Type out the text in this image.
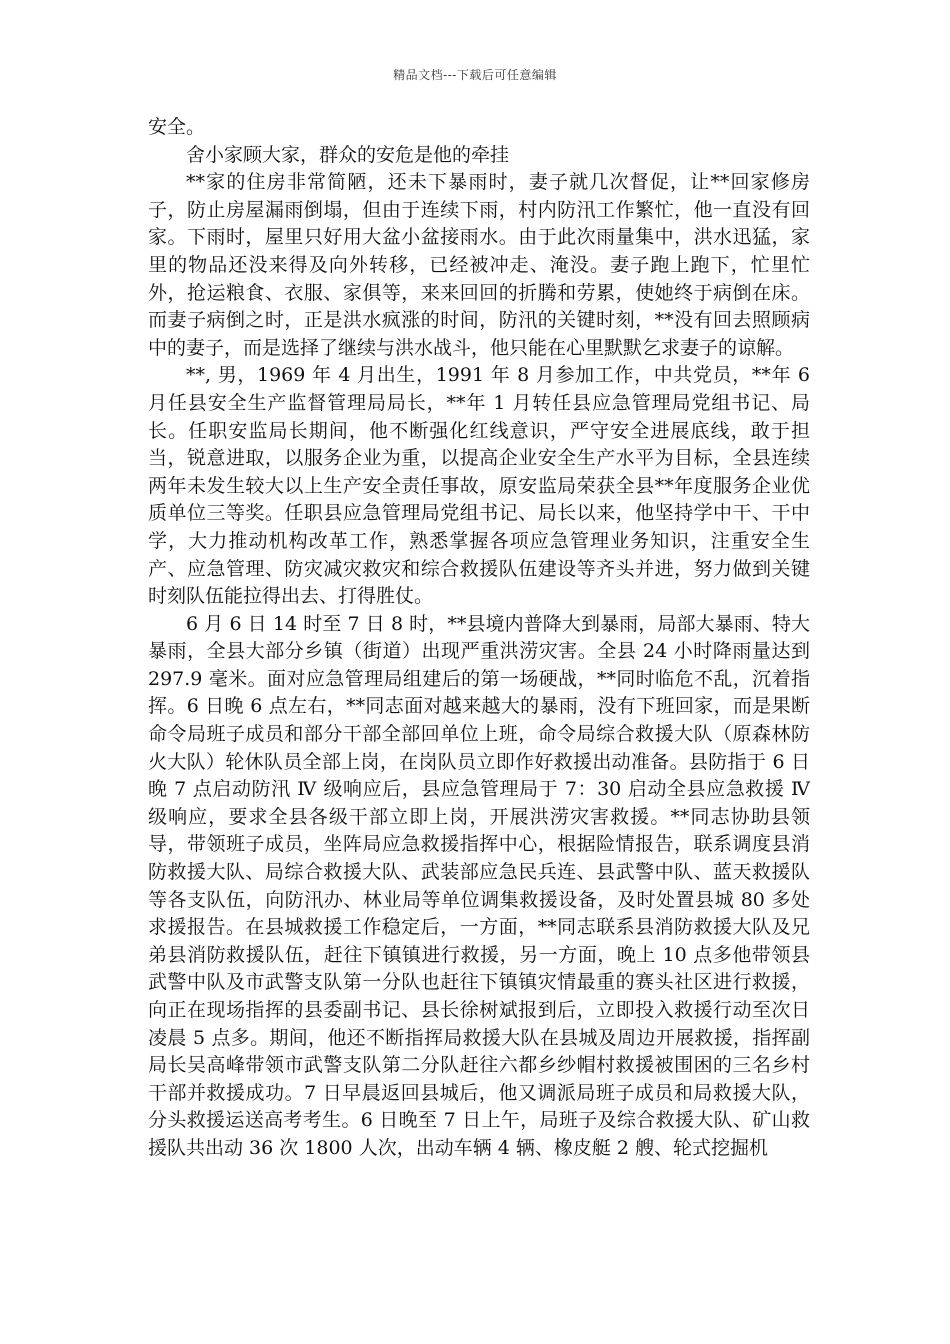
精品文档---下载后可任意编辑

安全。

舍小家顾大家，群众的安危是他的牵挂

**家的住房非常简陋，还未下暴雨时，妻子就几次督促，让**回家修房子，防止房屋漏雨倒塌，但由于连续下雨，村内防汛工作繁忙，他一直没有回家。下雨时，屋里只好用大盆小盆接雨水。由于此次雨量集中，洪水迅猛，家里的物品还没来得及向外转移，已经被冲走、淹没。妻子跑上跑下，忙里忙外，抢运粮食、衣服、家俱等，来来回回的折腾和劳累，使她终于病倒在床。而妻子病倒之时，正是洪水疯涨的时间，防汛的关键时刻，**没有回去照顾病中的妻子，而是选择了继续与洪水战斗，他只能在心里默默乞求妻子的谅解。

**, 男，1969 年 4 月出生，1991 年 8 月参加工作，中共党员，**年 6 月任县安全生产监督管理局局长，**年 1 月转任县应急管理局党组书记、局长。任职安监局长期间，他不断强化红线意识，严守安全进展底线，敢于担当，锐意进取，以服务企业为重，以提高企业安全生产水平为目标，全县连续两年未发生较大以上生产安全责任事故，原安监局荣获全县**年度服务企业优质单位三等奖。任职县应急管理局党组书记、局长以来，他坚持学中干、干中学，大力推动机构改革工作，熟悉掌握各项应急管理业务知识，注重安全生产、应急管理、防灾减灾救灾和综合救援队伍建设等齐头并进，努力做到关键时刻队伍能拉得出去、打得胜仗。

6 月 6 日 14 时至 7 日 8 时，**县境内普降大到暴雨，局部大暴雨、特大暴雨，全县大部分乡镇（街道）出现严重洪涝灾害。全县 24 小时降雨量达到 297.9 毫米。面对应急管理局组建后的第一场硬战，**同时临危不乱，沉着指挥。6 日晚 6 点左右，**同志面对越来越大的暴雨，没有下班回家，而是果断命令局班子成员和部分干部全部回单位上班，命令局综合救援大队（原森林防火大队）轮休队员全部上岗，在岗队员立即作好救援出动准备。县防指于 6 日晚 7 点启动防汛 Ⅳ 级响应后，县应急管理局于 7：30 启动全县应急救援 Ⅳ 级响应，要求全县各级干部立即上岗，开展洪涝灾害救援。**同志协助县领导，带领班子成员，坐阵局应急救援指挥中心，根据险情报告，联系调度县消防救援大队、局综合救援大队、武装部应急民兵连、县武警中队、蓝天救援队等各支队伍，向防汛办、林业局等单位调集救援设备，及时处置县城 80 多处求援报告。在县城救援工作稳定后，一方面，**同志联系县消防救援大队及兄弟县消防救援队伍，赶往下镇镇进行救援，另一方面，晚上 10 点多他带领县武警中队及市武警支队第一分队也赶往下镇镇灾情最重的赛头社区进行救援，向正在现场指挥的县委副书记、县长徐树斌报到后，立即投入救援行动至次日凌晨 5 点多。期间，他还不断指挥局救援大队在县城及周边开展救援，指挥副局长吴高峰带领市武警支队第二分队赶往六都乡纱帽村救援被围困的三名乡村干部并救援成功。7 日早晨返回县城后，他又调派局班子成员和局救援大队，分头救援运送高考考生。6 日晚至 7 日上午，局班子及综合救援大队、矿山救援队共出动 36 次 1800 人次，出动车辆 4 辆、橡皮艇 2 艘、轮式挖掘机
